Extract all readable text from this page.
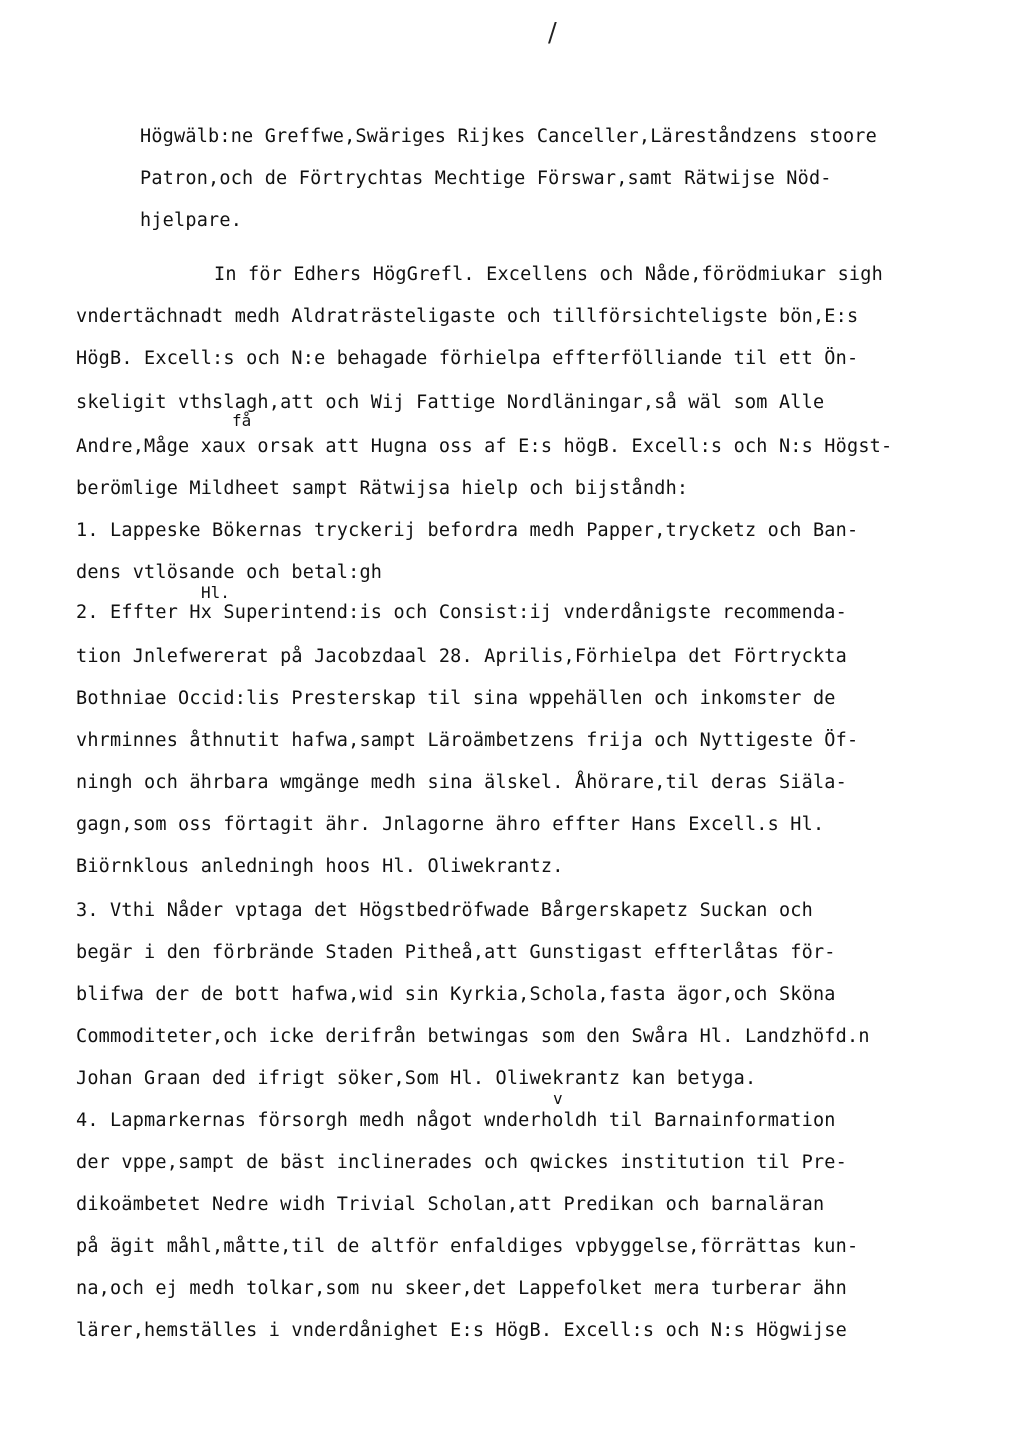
/
Högwälb:ne Greffwe,Swäriges Rijkes Canceller,Läreståndzens stoore
Patron,och de Förtrychtas Mechtige Förswar,samt Rätwijse Nöd-
hjelpare.
In för Edhers HögGrefl. Excellens och Nåde,förödmiukar sigh
vndertächnadt medh Aldraträsteligaste och tillförsichteligste bön,E:s
HögB. Excell:s och N:e behagade förhielpa effterfölliande til ett Ön-
skeligit vthslagh,att och Wij Fattige Nordläningar,så wäl som Alle
få
Andre,Måge xaux orsak att Hugna oss af E:s högB. Excell:s och N:s Högst-
berömlige Mildheet sampt Rätwijsa hielp och bijståndh:
1. Lappeske Bökernas tryckerij befordra medh Papper,trycketz och Ban-
dens vtlösande och betal:gh
Hl.
2. Effter Hx Superintend:is och Consist:ij vnderdånigste recommenda-
tion Jnlefwererat på Jacobzdaal 28. Aprilis,Förhielpa det Förtryckta
Bothniae Occid:lis Presterskap til sina wppehällen och inkomster de
vhrminnes åthnutit hafwa,sampt Läroämbetzens frija och Nyttigeste Öf-
ningh och ährbara wmgänge medh sina älskel. Åhörare,til deras Siäla-
gagn,som oss förtagit ähr. Jnlagorne ähro effter Hans Excell.s Hl.
Biörnklous anledningh hoos Hl. Oliwekrantz.
3. Vthi Nåder vptaga det Högstbedröfwade Bårgerskapetz Suckan och
begär i den förbrände Staden Pitheå,att Gunstigast effterlåtas för-
blifwa der de bott hafwa,wid sin Kyrkia,Schola,fasta ägor,och Sköna
Commoditeter,och icke derifrån betwingas som den Swåra Hl. Landzhöfd.n
Johan Graan ded ifrigt söker,Som Hl. Oliwekrantz kan betyga.
v
4. Lapmarkernas försorgh medh något wnderholdh til Barnainformation
der vppe,sampt de bäst inclinerades och qwickes institution til Pre-
dikoämbetet Nedre widh Trivial Scholan,att Predikan och barnaläran
på ägit måhl,måtte,til de altför enfaldiges vpbyggelse,förrättas kun-
na,och ej medh tolkar,som nu skeer,det Lappefolket mera turberar ähn
lärer,hemställes i vnderdånighet E:s HögB. Excell:s och N:s Högwijse
